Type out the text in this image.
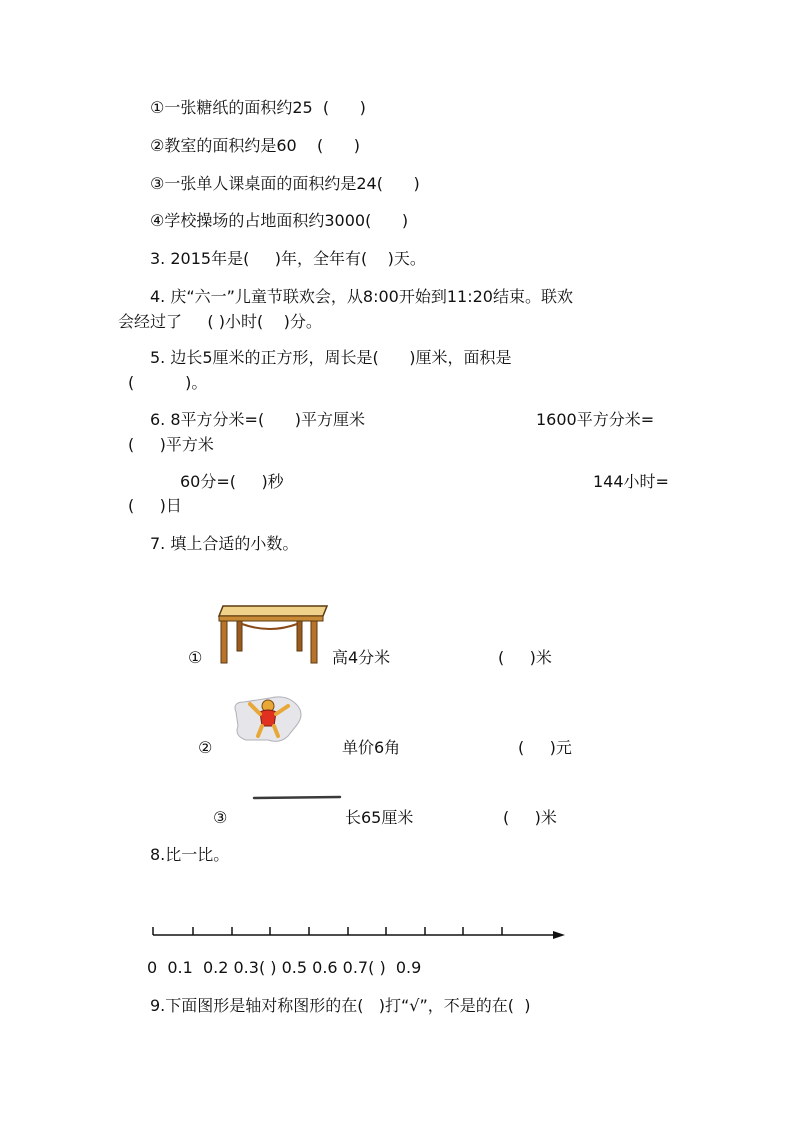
①一张糖纸的面积约25  (      )
②教室的面积约是60    (      )
③一张单人课桌面的面积约是24(      )
④学校操场的占地面积约3000(      )
3. 2015年是(     )年，全年有(    )天。
4. 庆“六一”儿童节联欢会，从8:00开始到11:20结束。联欢
会经过了     ( )小时(    )分。
5. 边长5厘米的正方形，周长是(      )厘米，面积是
(          )。
6. 8平方分米=(      )平方厘米	1600平方分米=
(     )平方米
60分=(     )秒	144小时=
(     )日
7. 填上合适的小数。
①	高4分米	(     )米
②	单价6角	(     )元
③	长65厘米	(     )米
8.比一比。
0  0.1  0.2 0.3( ) 0.5 0.6 0.7( )  0.9
9.下面图形是轴对称图形的在(   )打“√”，不是的在(  )
